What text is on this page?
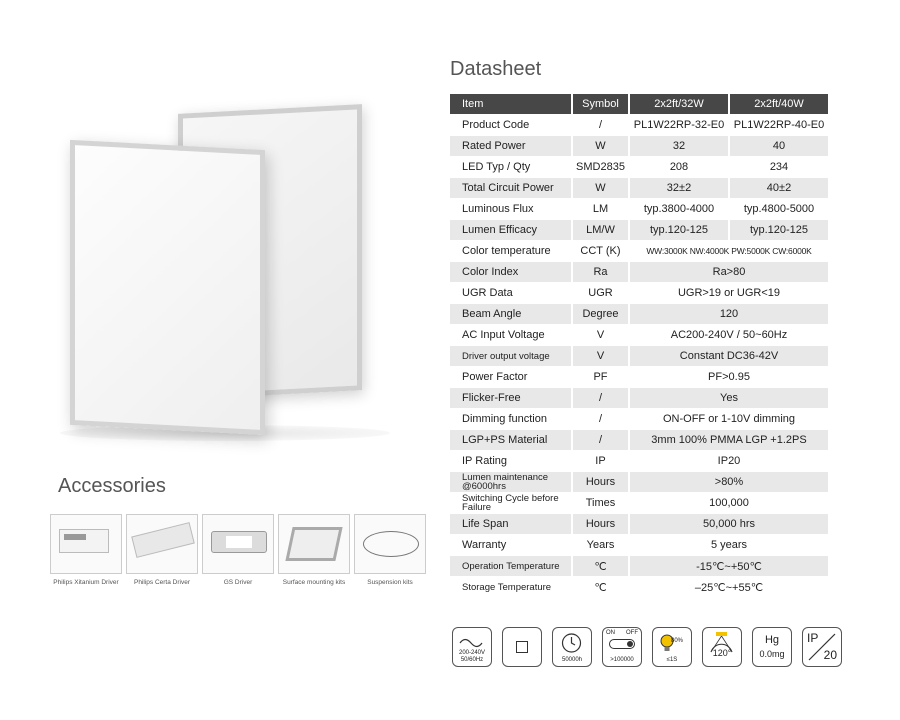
Accessories
Philips Xitanium Driver Philips Certa Driver	GS Driver	Surface mounting kits	Suspension kits
Datasheet
Item	Symbol	2x2ft/32W	2x2ft/40W
Product Code	/	PL1W22RP-32-E0	PL1W22RP-40-E0
Rated Power	W	32	40
LED Typ / Qty	SMD2835	208	234
Total Circuit Power	W	32±2	40±2
Luminous Flux	LM	typ.3800-4000	typ.4800-5000
Lumen Efficacy	LM/W	typ.120-125	typ.120-125
Color temperature	CCT (K)	WW:3000K NW:4000K PW:5000K CW:6000K	
Color Index	Ra	Ra>80	
UGR Data	UGR	UGR>19 or UGR<19	
Beam Angle	Degree	120	
AC Input Voltage	V	AC200-240V / 50~60Hz	
Driver output voltage	V	Constant DC36-42V	
Power Factor	PF	PF>0.95	
Flicker-Free	/	Yes	
Dimming function	/	ON-OFF or 1-10V dimming	
LGP+PS Material	/	3mm 100% PMMA LGP +1.2PS	
IP Rating	IP	IP20	
Lumen maintenance @6000hrs	Hours	>80%	
Switching Cycle before Failure	Times	100,000	
Life Span	Hours	50,000 hrs	
Warranty	Years	5 years	
Operation Temperature	℃	-15℃~+50℃	
Storage Temperature	℃	–25℃~+55℃	
200-240V
50/60Hz	50000h
ON OFF
>100000
80%
≤1S
120°
Hg
0.0mg
IP
20
